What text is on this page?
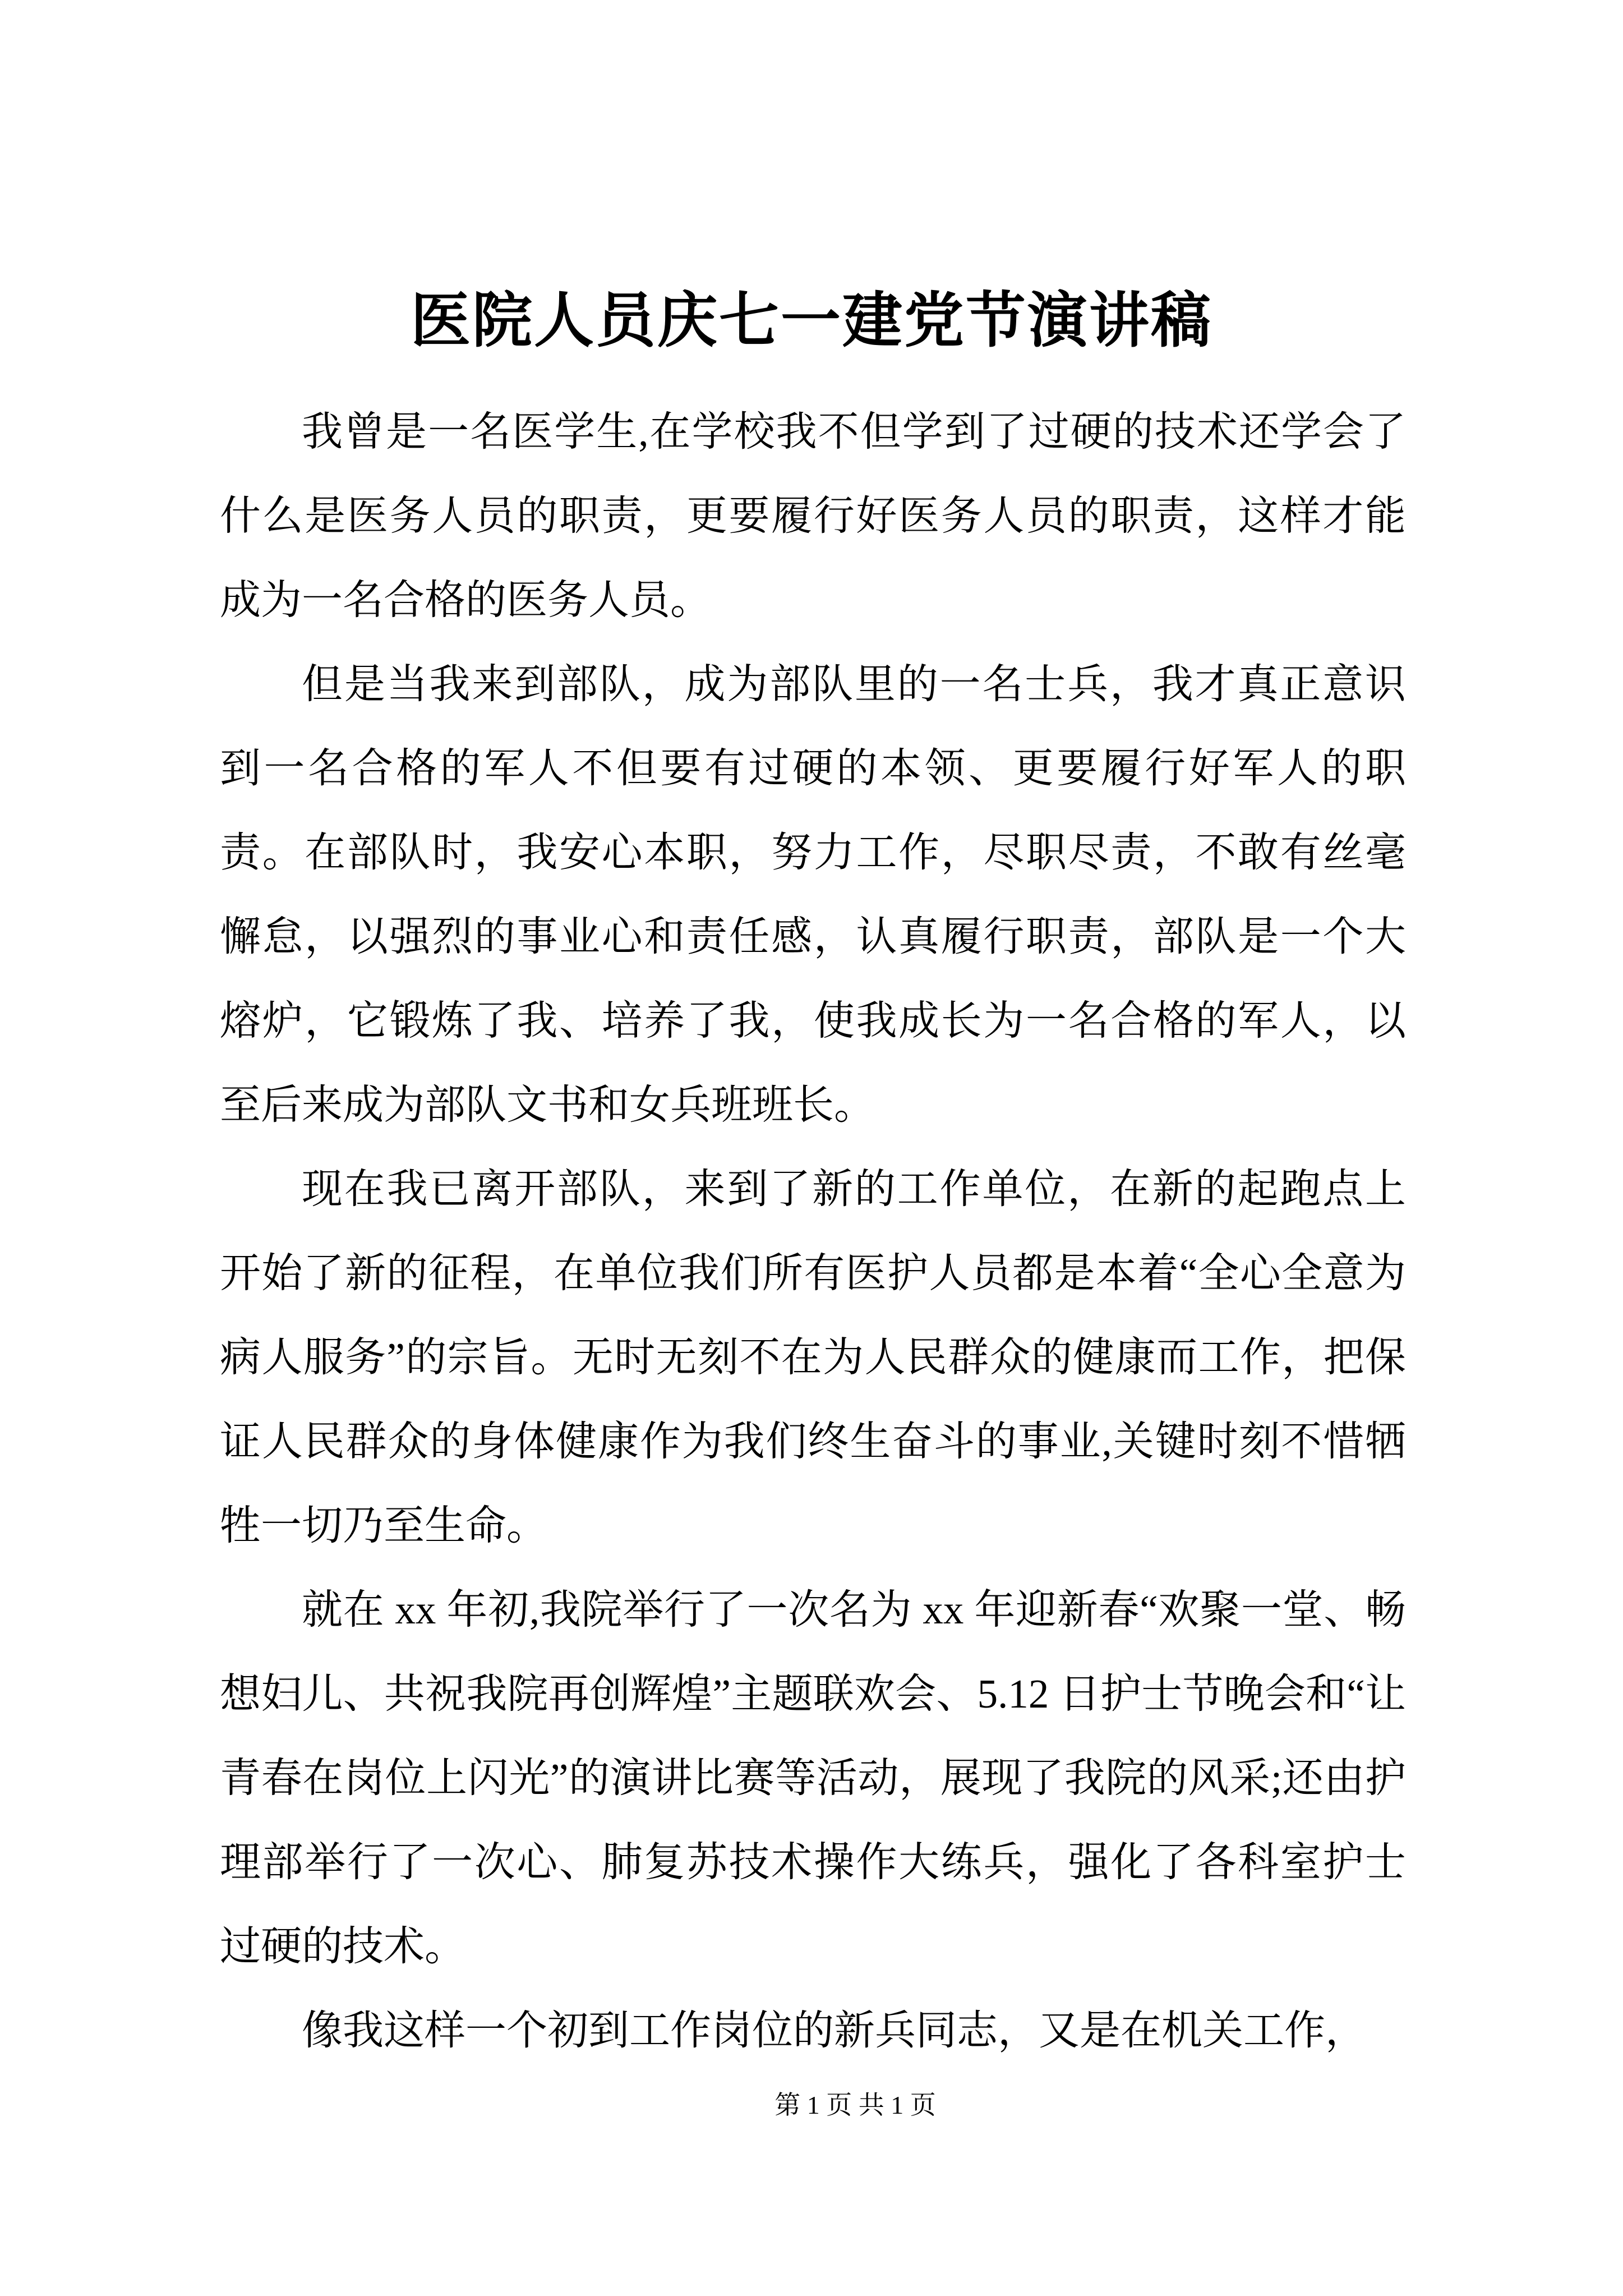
医院人员庆七一建党节演讲稿

我曾是一名医学生,在学校我不但学到了过硬的技术还学会了什么是医务人员的职责，更要履行好医务人员的职责，这样才能成为一名合格的医务人员。

但是当我来到部队，成为部队里的一名士兵，我才真正意识到一名合格的军人不但要有过硬的本领、更要履行好军人的职责。在部队时，我安心本职，努力工作，尽职尽责，不敢有丝毫懈怠，以强烈的事业心和责任感，认真履行职责，部队是一个大熔炉，它锻炼了我、培养了我，使我成长为一名合格的军人，以至后来成为部队文书和女兵班班长。

现在我已离开部队，来到了新的工作单位，在新的起跑点上开始了新的征程，在单位我们所有医护人员都是本着“全心全意为病人服务”的宗旨。无时无刻不在为人民群众的健康而工作，把保证人民群众的身体健康作为我们终生奋斗的事业,关键时刻不惜牺牲一切乃至生命。

就在 xx 年初,我院举行了一次名为 xx 年迎新春“欢聚一堂、畅想妇儿、共祝我院再创辉煌”主题联欢会、5.12 日护士节晚会和“让青春在岗位上闪光”的演讲比赛等活动，展现了我院的风采;还由护理部举行了一次心、肺复苏技术操作大练兵，强化了各科室护士过硬的技术。

像我这样一个初到工作岗位的新兵同志，又是在机关工作，

第 1 页 共 1 页
